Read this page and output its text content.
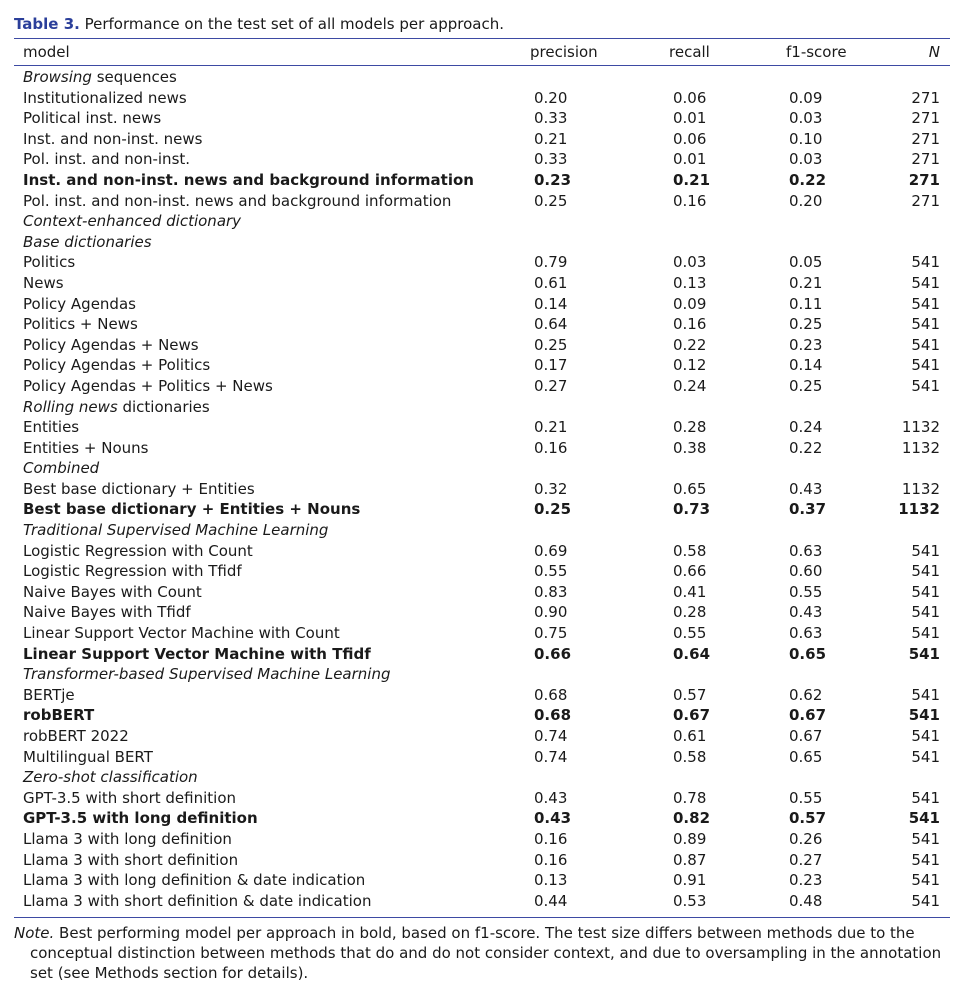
Table 3. Performance on the test set of all models per approach.
model	precision	recall	f1-score	N
Browsing sequences				
Institutionalized news	0.20	0.06	0.09	271
Political inst. news	0.33	0.01	0.03	271
Inst. and non-inst. news	0.21	0.06	0.10	271
Pol. inst. and non-inst.	0.33	0.01	0.03	271
Inst. and non-inst. news and background information	0.23	0.21	0.22	271
Pol. inst. and non-inst. news and background information	0.25	0.16	0.20	271
Context-enhanced dictionary				
Base dictionaries				
Politics	0.79	0.03	0.05	541
News	0.61	0.13	0.21	541
Policy Agendas	0.14	0.09	0.11	541
Politics + News	0.64	0.16	0.25	541
Policy Agendas + News	0.25	0.22	0.23	541
Policy Agendas + Politics	0.17	0.12	0.14	541
Policy Agendas + Politics + News	0.27	0.24	0.25	541
Rolling news dictionaries				
Entities	0.21	0.28	0.24	1132
Entities + Nouns	0.16	0.38	0.22	1132
Combined				
Best base dictionary + Entities	0.32	0.65	0.43	1132
Best base dictionary + Entities + Nouns	0.25	0.73	0.37	1132
Traditional Supervised Machine Learning				
Logistic Regression with Count	0.69	0.58	0.63	541
Logistic Regression with Tfidf	0.55	0.66	0.60	541
Naive Bayes with Count	0.83	0.41	0.55	541
Naive Bayes with Tfidf	0.90	0.28	0.43	541
Linear Support Vector Machine with Count	0.75	0.55	0.63	541
Linear Support Vector Machine with Tfidf	0.66	0.64	0.65	541
Transformer-based Supervised Machine Learning				
BERTje	0.68	0.57	0.62	541
robBERT	0.68	0.67	0.67	541
robBERT 2022	0.74	0.61	0.67	541
Multilingual BERT	0.74	0.58	0.65	541
Zero-shot classification				
GPT-3.5 with short definition	0.43	0.78	0.55	541
GPT-3.5 with long definition	0.43	0.82	0.57	541
Llama 3 with long definition	0.16	0.89	0.26	541
Llama 3 with short definition	0.16	0.87	0.27	541
Llama 3 with long definition & date indication	0.13	0.91	0.23	541
Llama 3 with short definition & date indication	0.44	0.53	0.48	541
Note. Best performing model per approach in bold, based on f1-score. The test size differs between methods due to the conceptual distinction between methods that do and do not consider context, and due to oversampling in the annotation set (see Methods section for details).
